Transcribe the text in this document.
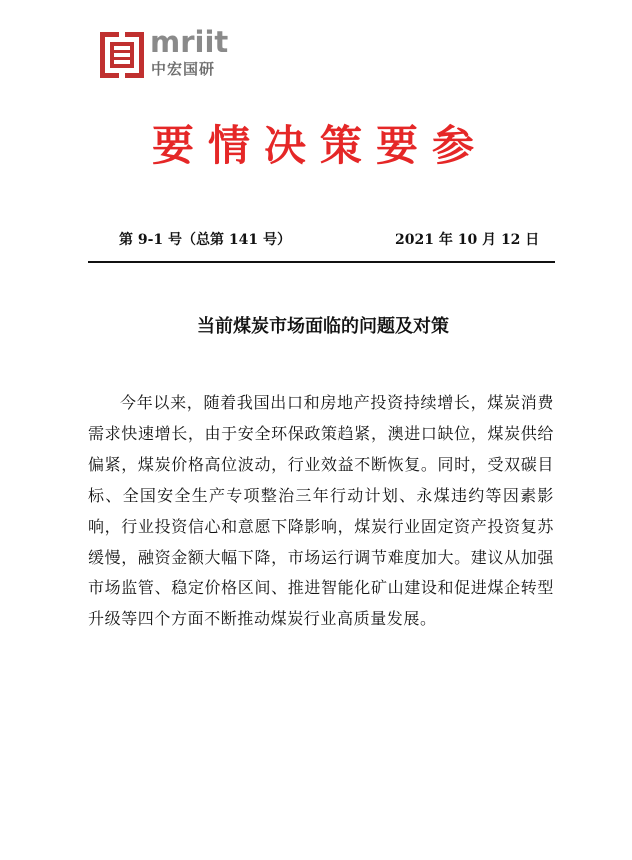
mriit
中宏国研
要情决策要参
第 9-1 号（总第 141 号）	2021 年 10 月 12 日
当前煤炭市场面临的问题及对策

今年以来，随着我国出口和房地产投资持续增长，煤炭消费需求快速增长，由于安全环保政策趋紧，澳进口缺位，煤炭供给偏紧，煤炭价格高位波动，行业效益不断恢复。同时，受双碳目标、全国安全生产专项整治三年行动计划、永煤违约等因素影响，行业投资信心和意愿下降影响，煤炭行业固定资产投资复苏缓慢，融资金额大幅下降，市场运行调节难度加大。建议从加强市场监管、稳定价格区间、推进智能化矿山建设和促进煤企转型升级等四个方面不断推动煤炭行业高质量发展。
